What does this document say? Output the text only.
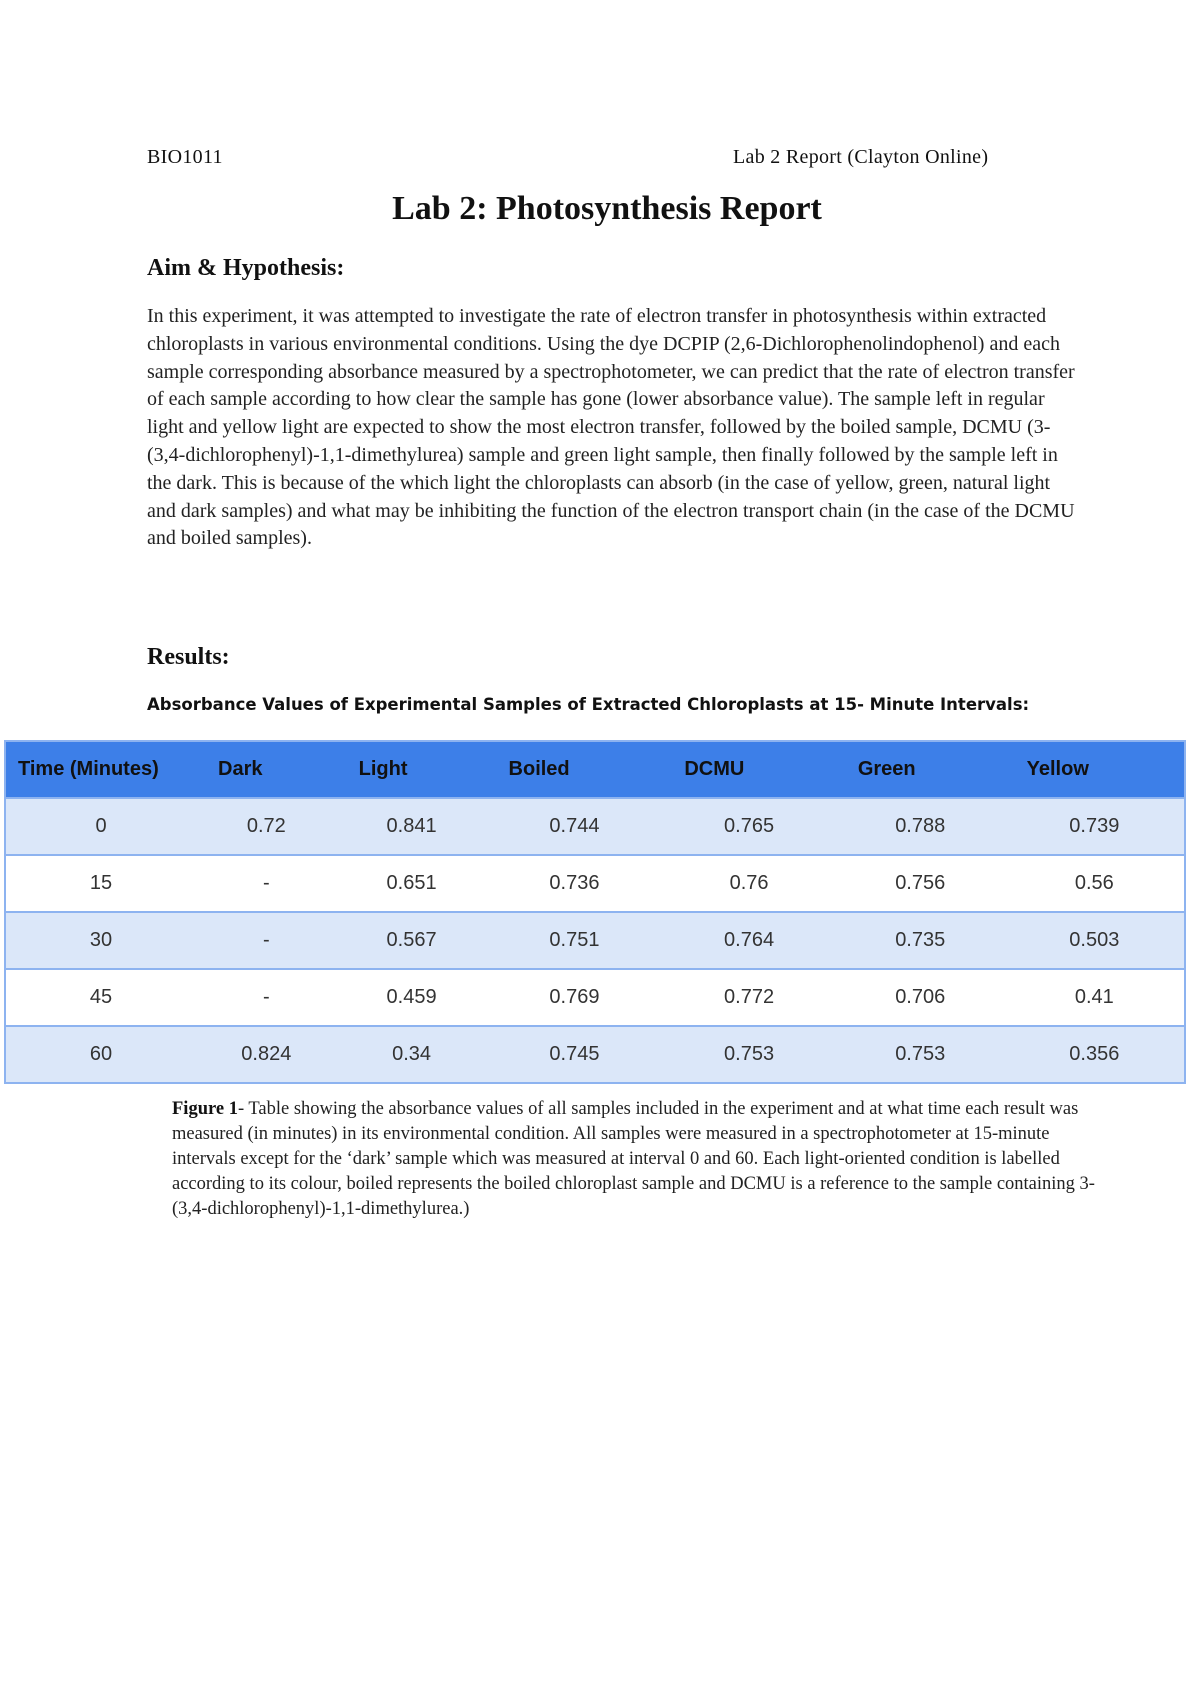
BIO1011	Lab 2 Report (Clayton Online)
Lab 2: Photosynthesis Report
Aim & Hypothesis:

In this experiment, it was attempted to investigate the rate of electron transfer in photosynthesis within extracted chloroplasts in various environmental conditions. Using the dye DCPIP (2,6-Dichlorophenolindophenol) and each sample corresponding absorbance measured by a spectrophotometer, we can predict that the rate of electron transfer of each sample according to how clear the sample has gone (lower absorbance value). The sample left in regular light and yellow light are expected to show the most electron transfer, followed by the boiled sample, DCMU (3-(3,4-dichlorophenyl)-1,1-dimethylurea) sample and green light sample, then finally followed by the sample left in the dark. This is because of the which light the chloroplasts can absorb (in the case of yellow, green, natural light and dark samples) and what may be inhibiting the function of the electron transport chain (in the case of the DCMU and boiled samples).

Results:
Absorbance Values of Experimental Samples of Extracted Chloroplasts at 15- Minute Intervals:
Time (Minutes)	Dark	Light	Boiled	DCMU	Green	Yellow
0	0.72	0.841	0.744	0.765	0.788	0.739
15	-	0.651	0.736	0.76	0.756	0.56
30	-	0.567	0.751	0.764	0.735	0.503
45	-	0.459	0.769	0.772	0.706	0.41
60	0.824	0.34	0.745	0.753	0.753	0.356

Figure 1- Table showing the absorbance values of all samples included in the experiment and at what time each result was measured (in minutes) in its environmental condition. All samples were measured in a spectrophotometer at 15-minute intervals except for the ‘dark’ sample which was measured at interval 0 and 60. Each light-oriented condition is labelled according to its colour, boiled represents the boiled chloroplast sample and DCMU is a reference to the sample containing 3-(3,4-dichlorophenyl)-1,1-dimethylurea.)
